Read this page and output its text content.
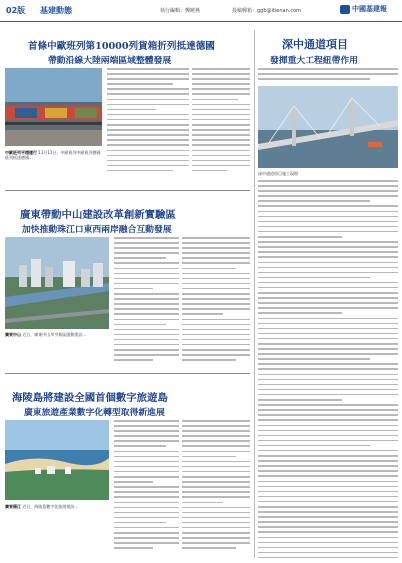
02版 基建動態	執行編輯：龔曉燕	投稿郵箱：ggb@itienan.com	中國基建報
首條中歐班列第10000列貨箱折列抵達德國
帶動沿線大陸兩端區域整體發展
中歐班列平穩運行 11月11日，中歐班列中歐班列德國班列抵達德國...
廣東帶動中山建設改革創新實驗區
加快推動珠江口東西兩岸融合互動發展
廣東中山 近日，廣東中山翠亨新區啟動建設...
海陵島將建設全國首個數字旅遊島
廣東旅遊產業數字化轉型取得新進展
廣東陽江 近日，海陵島數字化旅遊建設...
深中通道項目
發揮重大工程紐帶作用
深中通道項目施工現場
